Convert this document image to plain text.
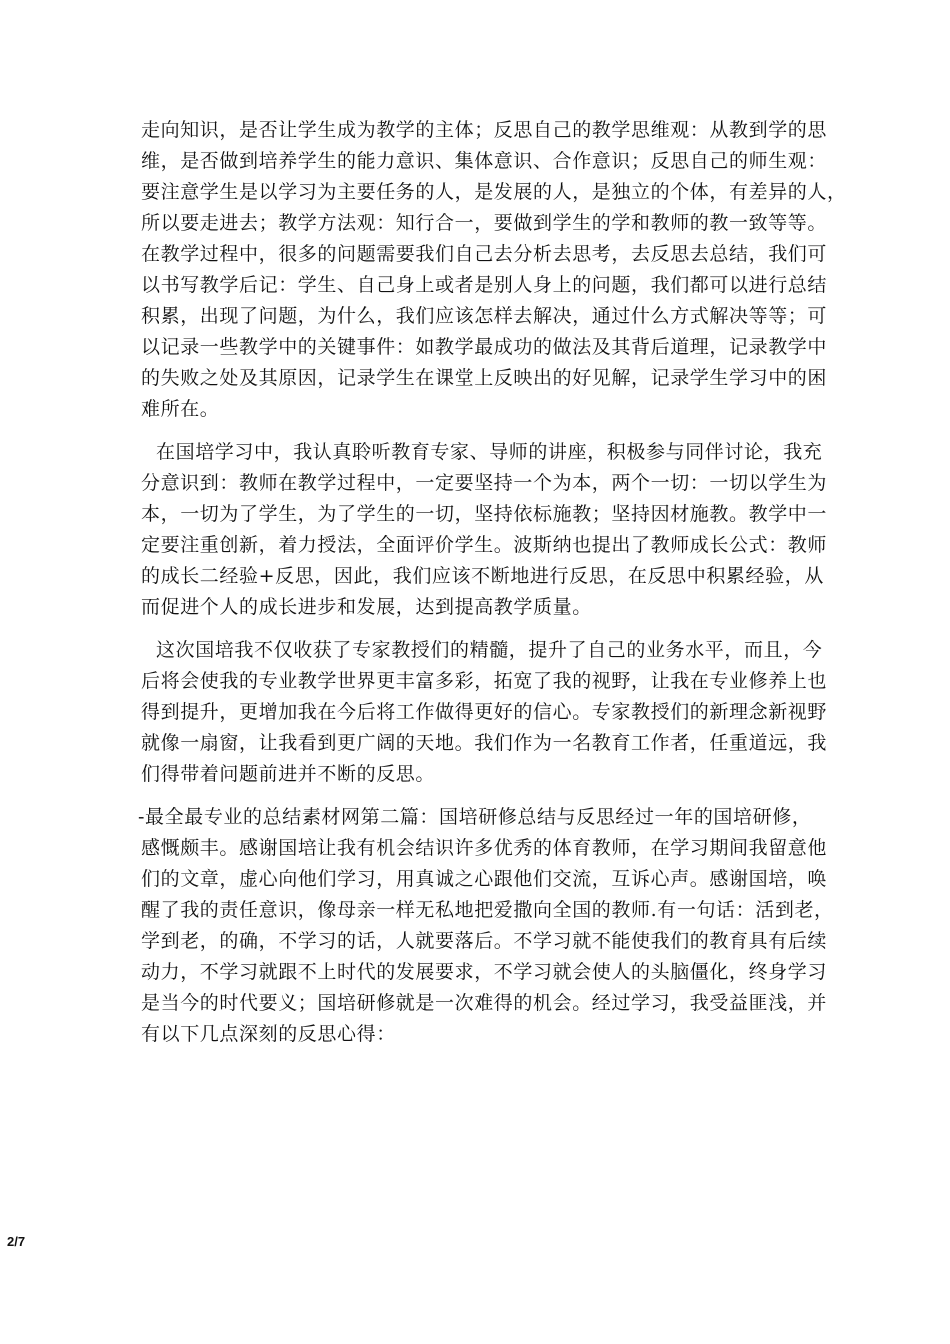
走向知识，是否让学生成为教学的主体；反思自己的教学思维观：从教到学的思
维，是否做到培养学生的能力意识、集体意识、合作意识；反思自己的师生观：
要注意学生是以学习为主要任务的人，是发展的人，是独立的个体，有差异的人，
所以要走进去；教学方法观：知行合一，要做到学生的学和教师的教一致等等。
在教学过程中，很多的问题需要我们自己去分析去思考，去反思去总结，我们可
以书写教学后记：学生、自己身上或者是别人身上的问题，我们都可以进行总结
积累，出现了问题，为什么，我们应该怎样去解决，通过什么方式解决等等；可
以记录一些教学中的关键事件：如教学最成功的做法及其背后道理，记录教学中
的失败之处及其原因，记录学生在课堂上反映出的好见解，记录学生学习中的困
难所在。
在国培学习中，我认真聆听教育专家、导师的讲座，积极参与同伴讨论，我充
分意识到：教师在教学过程中，一定要坚持一个为本，两个一切：一切以学生为
本，一切为了学生，为了学生的一切，坚持依标施教；坚持因材施教。教学中一
定要注重创新，着力授法，全面评价学生。波斯纳也提出了教师成长公式：教师
的成长二经验+反思，因此，我们应该不断地进行反思，在反思中积累经验，从
而促进个人的成长进步和发展，达到提高教学质量。
这次国培我不仅收获了专家教授们的精髓，提升了自己的业务水平，而且，今
后将会使我的专业教学世界更丰富多彩，拓宽了我的视野，让我在专业修养上也
得到提升，更增加我在今后将工作做得更好的信心。专家教授们的新理念新视野
就像一扇窗，让我看到更广阔的天地。我们作为一名教育工作者，任重道远，我
们得带着问题前进并不断的反思。
-最全最专业的总结素材网第二篇：国培研修总结与反思经过一年的国培研修，
感慨颇丰。感谢国培让我有机会结识许多优秀的体育教师，在学习期间我留意他
们的文章，虚心向他们学习，用真诚之心跟他们交流，互诉心声。感谢国培，唤
醒了我的责任意识，像母亲一样无私地把爱撒向全国的教师.有一句话：活到老，
学到老，的确，不学习的话，人就要落后。不学习就不能使我们的教育具有后续
动力，不学习就跟不上时代的发展要求，不学习就会使人的头脑僵化，终身学习
是当今的时代要义；国培研修就是一次难得的机会。经过学习，我受益匪浅，并
有以下几点深刻的反思心得：
2/7
